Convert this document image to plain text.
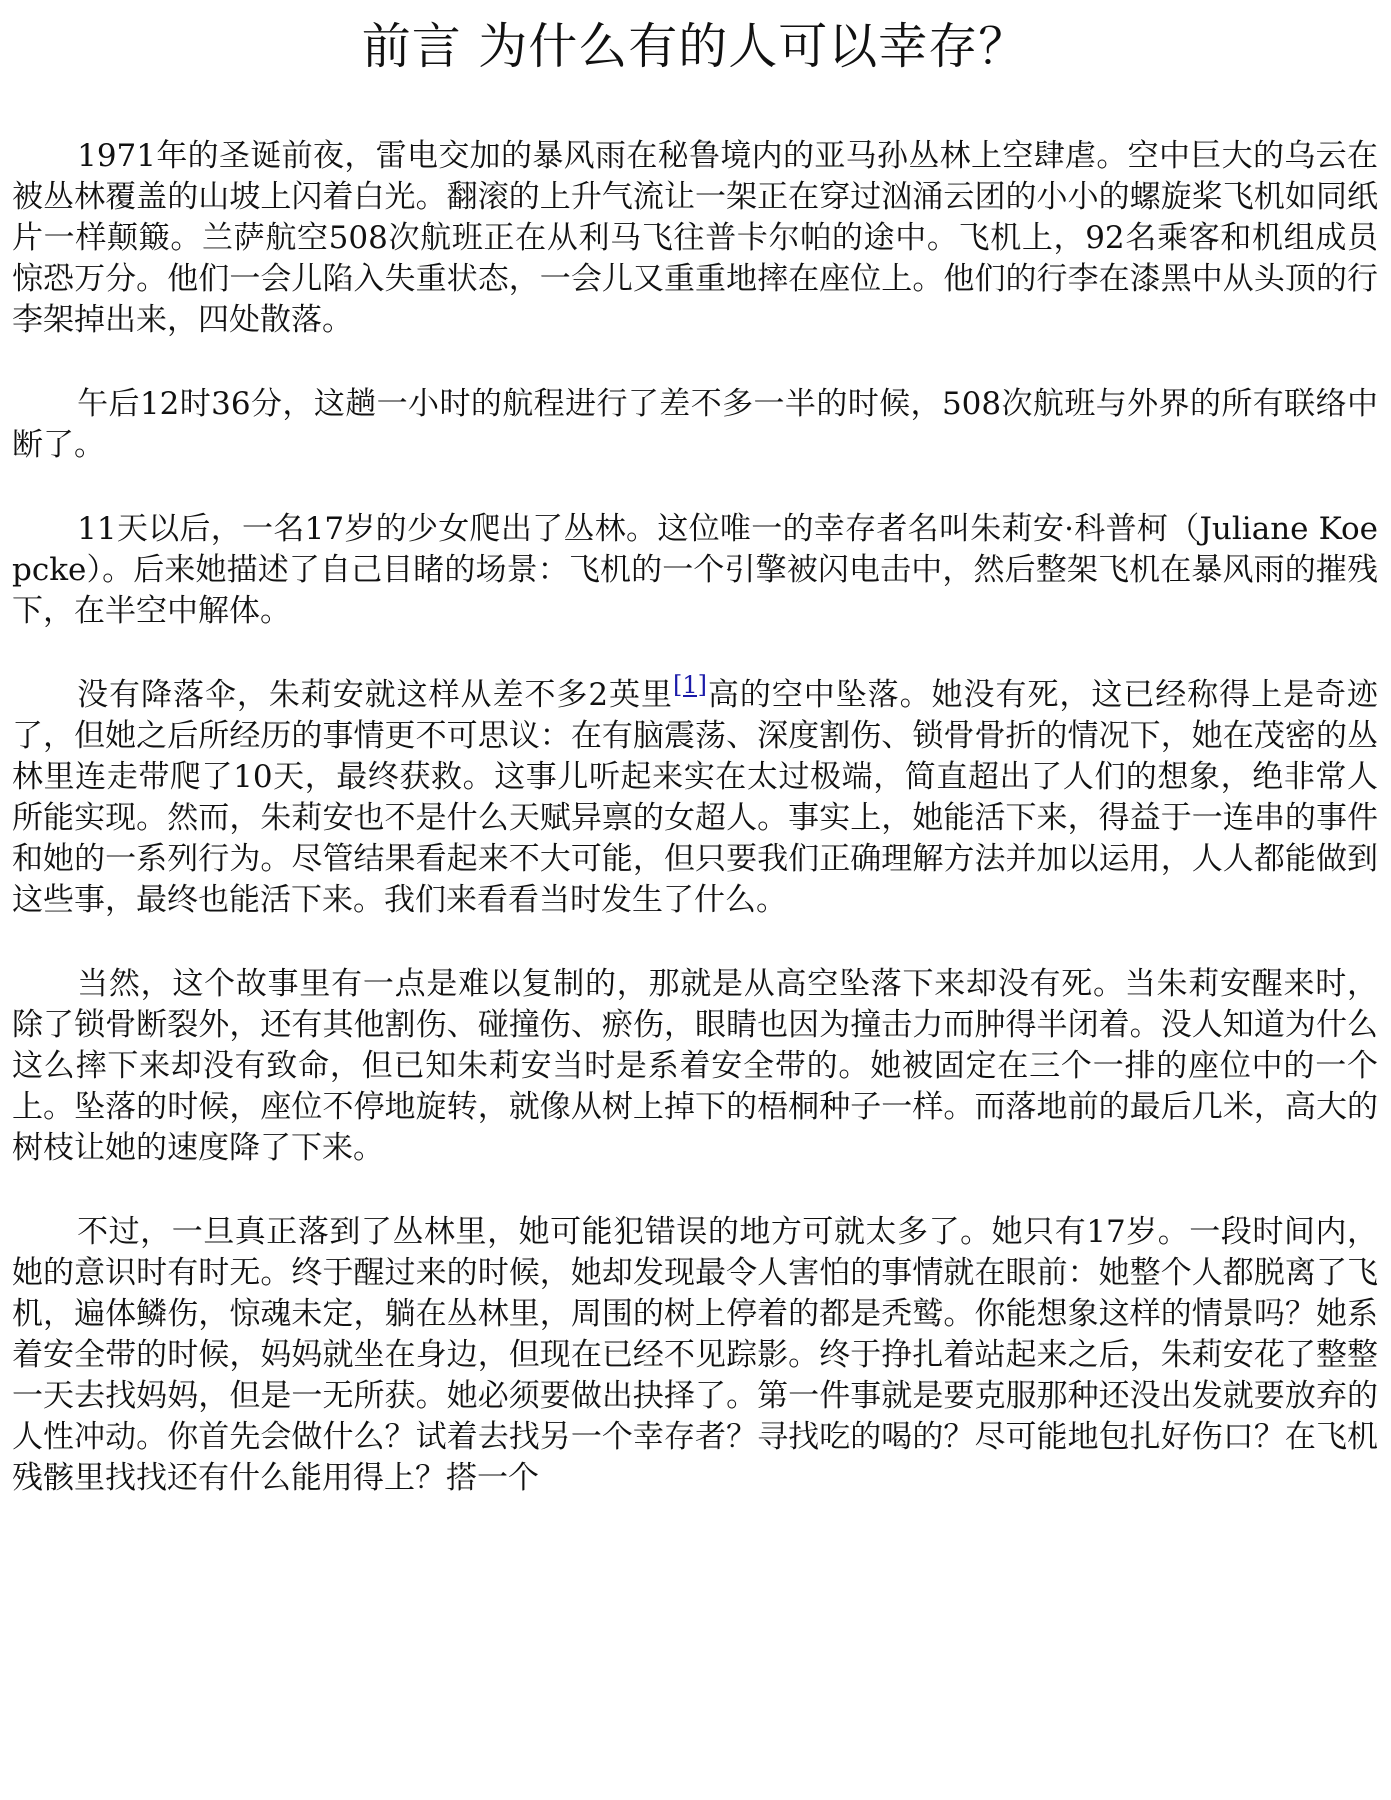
前言 为什么有的人可以幸存？

1971年的圣诞前夜，雷电交加的暴风雨在秘鲁境内的亚马孙丛林上空肆虐。空中巨大的乌云在被丛林覆盖的山坡上闪着白光。翻滚的上升气流让一架正在穿过汹涌云团的小小的螺旋桨飞机如同纸片一样颠簸。兰萨航空508次航班正在从利马飞往普卡尔帕的途中。飞机上，92名乘客和机组成员惊恐万分。他们一会儿陷入失重状态，一会儿又重重地摔在座位上。他们的行李在漆黑中从头顶的行李架掉出来，四处散落。

午后12时36分，这趟一小时的航程进行了差不多一半的时候，508次航班与外界的所有联络中断了。

11天以后，一名17岁的少女爬出了丛林。这位唯一的幸存者名叫朱莉安·科普柯（Juliane Koepcke）。后来她描述了自己目睹的场景：飞机的一个引擎被闪电击中，然后整架飞机在暴风雨的摧残下，在半空中解体。

没有降落伞，朱莉安就这样从差不多2英里[1]高的空中坠落。她没有死，这已经称得上是奇迹了，但她之后所经历的事情更不可思议：在有脑震荡、深度割伤、锁骨骨折的情况下，她在茂密的丛林里连走带爬了10天，最终获救。这事儿听起来实在太过极端，简直超出了人们的想象，绝非常人所能实现。然而，朱莉安也不是什么天赋异禀的女超人。事实上，她能活下来，得益于一连串的事件和她的一系列行为。尽管结果看起来不大可能，但只要我们正确理解方法并加以运用，人人都能做到这些事，最终也能活下来。我们来看看当时发生了什么。

当然，这个故事里有一点是难以复制的，那就是从高空坠落下来却没有死。当朱莉安醒来时，除了锁骨断裂外，还有其他割伤、碰撞伤、瘀伤，眼睛也因为撞击力而肿得半闭着。没人知道为什么这么摔下来却没有致命，但已知朱莉安当时是系着安全带的。她被固定在三个一排的座位中的一个上。坠落的时候，座位不停地旋转，就像从树上掉下的梧桐种子一样。而落地前的最后几米，高大的树枝让她的速度降了下来。

不过，一旦真正落到了丛林里，她可能犯错误的地方可就太多了。她只有17岁。一段时间内，她的意识时有时无。终于醒过来的时候，她却发现最令人害怕的事情就在眼前：她整个人都脱离了飞机，遍体鳞伤，惊魂未定，躺在丛林里，周围的树上停着的都是秃鹫。你能想象这样的情景吗？她系着安全带的时候，妈妈就坐在身边，但现在已经不见踪影。终于挣扎着站起来之后，朱莉安花了整整一天去找妈妈，但是一无所获。她必须要做出抉择了。第一件事就是要克服那种还没出发就要放弃的人性冲动。你首先会做什么？试着去找另一个幸存者？寻找吃的喝的？尽可能地包扎好伤口？在飞机残骸里找找还有什么能用得上？搭一个
